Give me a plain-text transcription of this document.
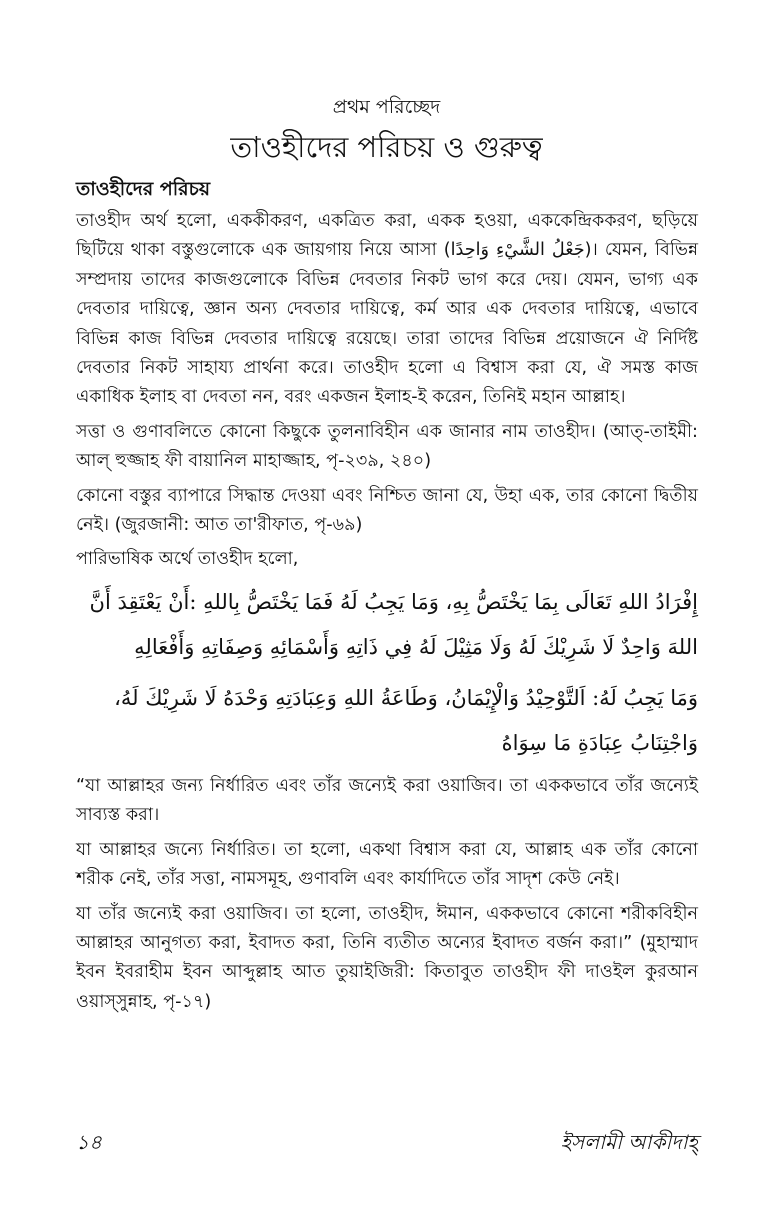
প্রথম পরিচ্ছেদ
তাওহীদের পরিচয় ও গুরুত্ব
তাওহীদের পরিচয়

তাওহীদ অর্থ হলো, এককীকরণ, একত্রিত করা, একক হওয়া, এককেন্দ্রিককরণ, ছড়িয়ে ছিটিয়ে থাকা বস্তুগুলোকে এক জায়গায় নিয়ে আসা (جَعْلُ الشَّيْءِ وَاحِدًا)। যেমন, বিভিন্ন সম্প্রদায় তাদের কাজগুলোকে বিভিন্ন দেবতার নিকট ভাগ করে দেয়। যেমন, ভাগ্য এক দেবতার দায়িত্বে, জ্ঞান অন্য দেবতার দায়িত্বে, কর্ম আর এক দেবতার দায়িত্বে, এভাবে বিভিন্ন কাজ বিভিন্ন দেবতার দায়িত্বে রয়েছে। তারা তাদের বিভিন্ন প্রয়োজনে ঐ নির্দিষ্ট দেবতার নিকট সাহায্য প্রার্থনা করে। তাওহীদ হলো এ বিশ্বাস করা যে, ঐ সমস্ত কাজ একাধিক ইলাহ বা দেবতা নন, বরং একজন ইলাহ-ই করেন, তিনিই মহান আল্লাহ।

সত্তা ও গুণাবলিতে কোনো কিছুকে তুলনাবিহীন এক জানার নাম তাওহীদ। (আত্-তাইমী: আল্ হুজ্জাহ ফী বায়ানিল মাহাজ্জাহ, পৃ-২৩৯, ২৪০)

কোনো বস্তুর ব্যাপারে সিদ্ধান্ত দেওয়া এবং নিশ্চিত জানা যে, উহা এক, তার কোনো দ্বিতীয় নেই। (জুরজানী: আত তা'রীফাত, পৃ-৬৯)

পারিভাষিক অর্থে তাওহীদ হলো,

إِفْرَادُ اللهِ تَعَالَى بِمَا يَخْتَصُّ بِهِ، وَمَا يَجِبُ لَهُ فَمَا يَخْتَصُّ بِاللهِ :أَنْ يَعْتَقِدَ أَنَّ اللهَ وَاحِدٌ لَا شَرِيْكَ لَهُ وَلَا مَثِيْلَ لَهُ فِي ذَاتِهِ وَأَسْمَائِهِ وَصِفَاتِهِ وَأَفْعَالِهِ

وَمَا يَجِبُ لَهُ: اَلتَّوْحِيْدُ وَالْإِيْمَانُ، وَطَاعَةُ اللهِ وَعِبَادَتِهِ وَحْدَهُ لَا شَرِيْكَ لَهُ، وَاجْتِنَابُ عِبَادَةِ مَا سِوَاهُ

“যা আল্লাহর জন্য নির্ধারিত এবং তাঁর জন্যেই করা ওয়াজিব। তা এককভাবে তাঁর জন্যেই সাব্যস্ত করা।

যা আল্লাহর জন্যে নির্ধারিত। তা হলো, একথা বিশ্বাস করা যে, আল্লাহ এক তাঁর কোনো শরীক নেই, তাঁর সত্তা, নামসমূহ, গুণাবলি এবং কার্যাদিতে তাঁর সাদৃশ কেউ নেই।

যা তাঁর জন্যেই করা ওয়াজিব। তা হলো, তাওহীদ, ঈমান, এককভাবে কোনো শরীকবিহীন আল্লাহর আনুগত্য করা, ইবাদত করা, তিনি ব্যতীত অন্যের ইবাদত বর্জন করা।” (মুহাম্মাদ ইবন ইবরাহীম ইবন আব্দুল্লাহ আত তুয়াইজিরী: কিতাবুত তাওহীদ ফী দাওইল কুরআন ওয়াস্সুন্নাহ, পৃ-১৭)

১৪	ইসলামী আকীদাহ্
